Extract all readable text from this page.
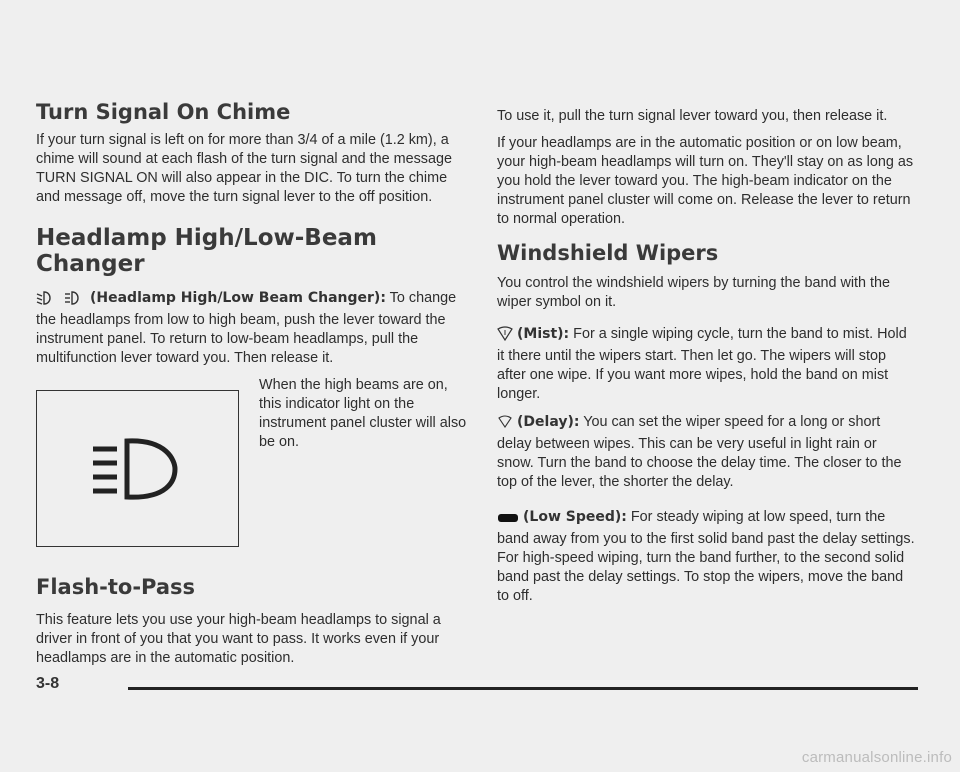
Turn Signal On Chime

If your turn signal is left on for more than 3/4 of a mile (1.2 km), a chime will sound at each flash of the turn signal and the message TURN SIGNAL ON will also appear in the DIC. To turn the chime and message off, move the turn signal lever to the off position.

Headlamp High/Low-Beam Changer

(Headlamp High/Low Beam Changer): To change the headlamps from low to high beam, push the lever toward the instrument panel. To return to low-beam headlamps, pull the multifunction lever toward you. Then release it.

When the high beams are on, this indicator light on the instrument panel cluster will also be on.

Flash-to-Pass

This feature lets you use your high-beam headlamps to signal a driver in front of you that you want to pass. It works even if your headlamps are in the automatic position.

To use it, pull the turn signal lever toward you, then release it.

If your headlamps are in the automatic position or on low beam, your high-beam headlamps will turn on. They'll stay on as long as you hold the lever toward you. The high-beam indicator on the instrument panel cluster will come on. Release the lever to return to normal operation.

Windshield Wipers

You control the windshield wipers by turning the band with the wiper symbol on it.

(Mist): For a single wiping cycle, turn the band to mist. Hold it there until the wipers start. Then let go. The wipers will stop after one wipe. If you want more wipes, hold the band on mist longer.

(Delay): You can set the wiper speed for a long or short delay between wipes. This can be very useful in light rain or snow. Turn the band to choose the delay time. The closer to the top of the lever, the shorter the delay.

(Low Speed): For steady wiping at low speed, turn the band away from you to the first solid band past the delay settings. For high-speed wiping, turn the band further, to the second solid band past the delay settings. To stop the wipers, move the band to off.

3-8
carmanualsonline.info
